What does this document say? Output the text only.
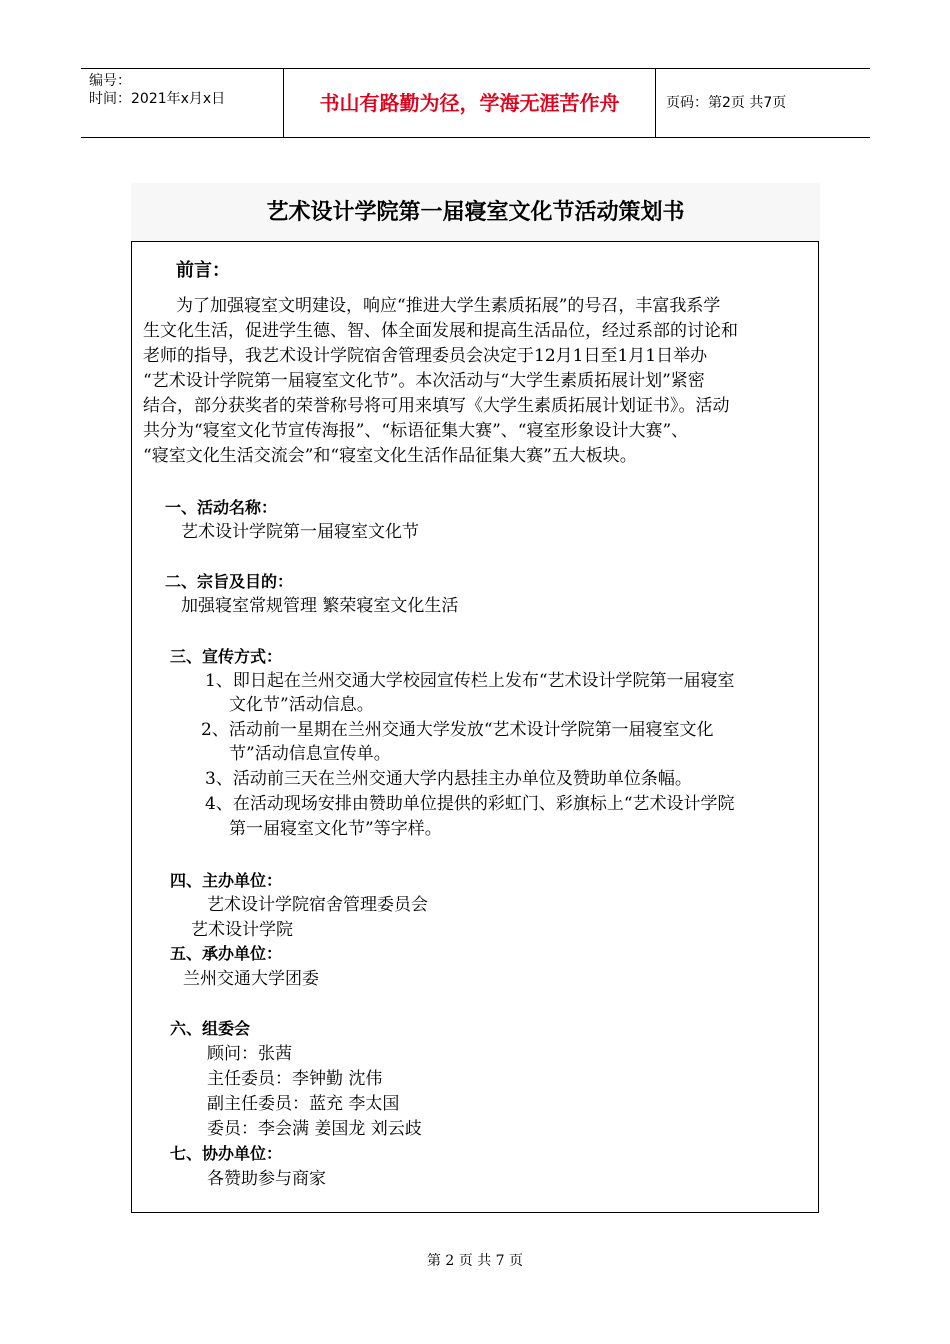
编号：
时间：2021年x月x日	书山有路勤为径，学海无涯苦作舟	页码：第2页 共7页
艺术设计学院第一届寝室文化节活动策划书
前言：
为了加强寝室文明建设，响应“推进大学生素质拓展”的号召，丰富我系学
生文化生活，促进学生德、智、体全面发展和提高生活品位，经过系部的讨论和
老师的指导，我艺术设计学院宿舍管理委员会决定于12月1日至1月1日举办
“艺术设计学院第一届寝室文化节”。本次活动与“大学生素质拓展计划”紧密
结合，部分获奖者的荣誉称号将可用来填写《大学生素质拓展计划证书》。活动
共分为“寝室文化节宣传海报”、“标语征集大赛”、“寝室形象设计大赛”、
“寝室文化生活交流会”和“寝室文化生活作品征集大赛”五大板块。
一、活动名称：
艺术设计学院第一届寝室文化节
二、宗旨及目的：
加强寝室常规管理 繁荣寝室文化生活
三、宣传方式：
1、即日起在兰州交通大学校园宣传栏上发布“艺术设计学院第一届寝室
文化节”活动信息。
2、活动前一星期在兰州交通大学发放“艺术设计学院第一届寝室文化
节”活动信息宣传单。
3、活动前三天在兰州交通大学内悬挂主办单位及赞助单位条幅。
4、在活动现场安排由赞助单位提供的彩虹门、彩旗标上“艺术设计学院
第一届寝室文化节”等字样。
四、主办单位：
艺术设计学院宿舍管理委员会
艺术设计学院
五、承办单位：
兰州交通大学团委
六、组委会
顾问：张茜
主任委员：李钟勤 沈伟
副主任委员：蓝充 李太国
委员：李会满 姜国龙 刘云歧
七、协办单位：
各赞助参与商家
第 2 页 共 7 页
